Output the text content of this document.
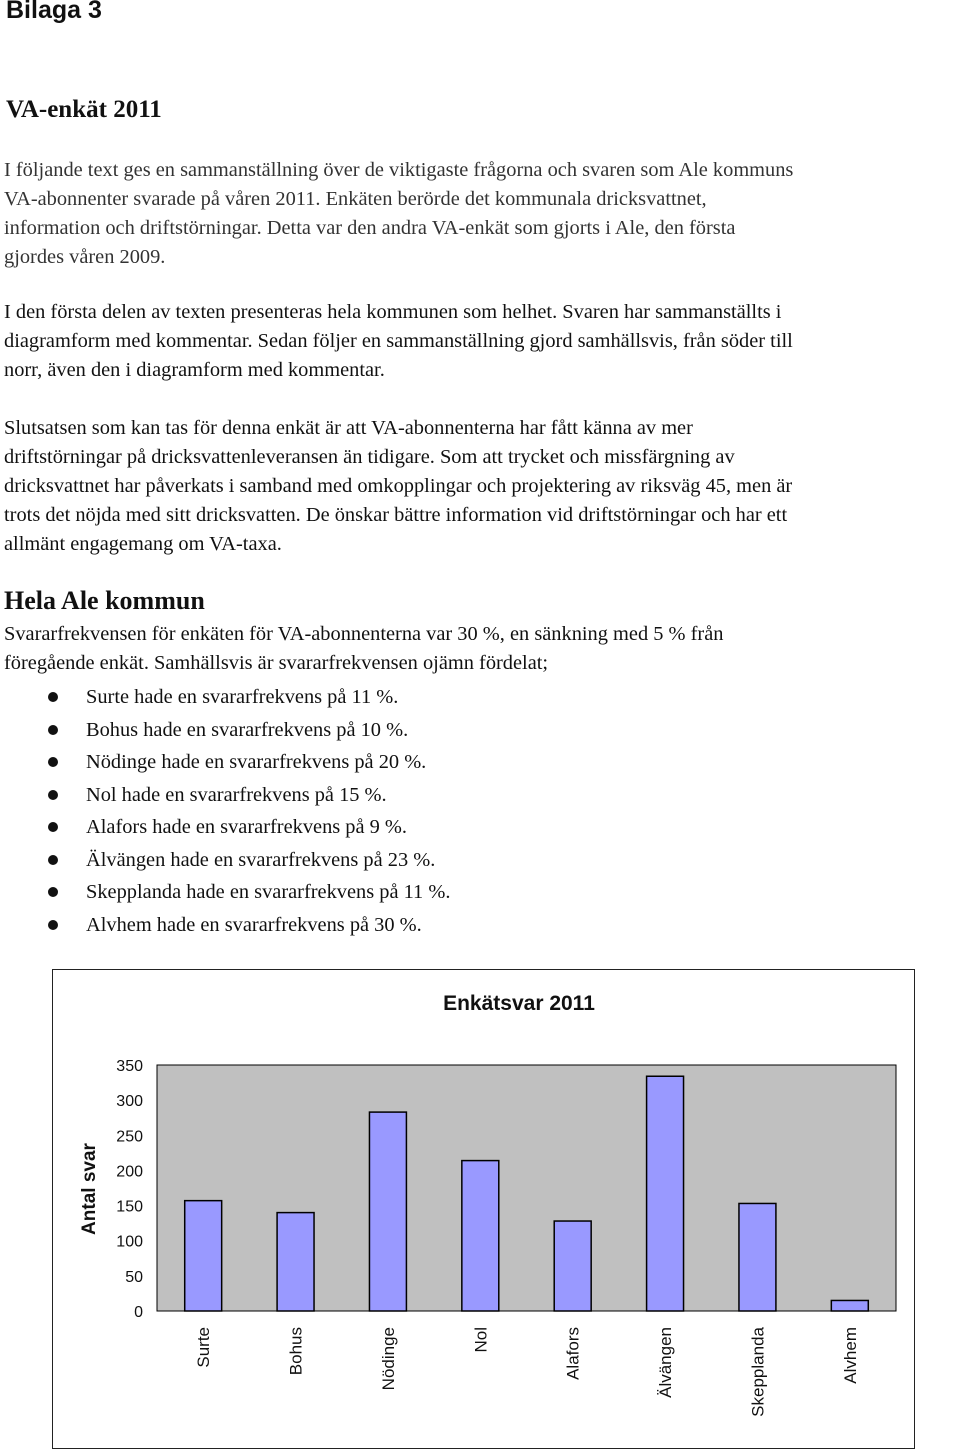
Bilaga 3
VA-enkät 2011
I följande text ges en sammanställning över de viktigaste frågorna och svaren som Ale kommuns
VA-abonnenter svarade på våren 2011. Enkäten berörde det kommunala dricksvattnet,
information och driftstörningar. Detta var den andra VA-enkät som gjorts i Ale, den första
gjordes våren 2009.
I den första delen av texten presenteras hela kommunen som helhet. Svaren har sammanställts i
diagramform med kommentar. Sedan följer en sammanställning gjord samhällsvis, från söder till
norr, även den i diagramform med kommentar.
Slutsatsen som kan tas för denna enkät är att VA-abonnenterna har fått känna av mer
driftstörningar på dricksvattenleveransen än tidigare. Som att trycket och missfärgning av
dricksvattnet har påverkats i samband med omkopplingar och projektering av riksväg 45, men är
trots det nöjda med sitt dricksvatten. De önskar bättre information vid driftstörningar och har ett
allmänt engagemang om VA-taxa.
Hela Ale kommun
Svararfrekvensen för enkäten för VA-abonnenterna var 30 %, en sänkning med 5 % från
föregående enkät. Samhällsvis är svararfrekvensen ojämn fördelat;
Surte hade en svararfrekvens på 11 %.
Bohus hade en svararfrekvens på 10 %.
Nödinge hade en svararfrekvens på 20 %.
Nol hade en svararfrekvens på 15 %.
Alafors hade en svararfrekvens på 9 %.
Älvängen hade en svararfrekvens på 23 %.
Skepplanda hade en svararfrekvens på 11 %.
Alvhem hade en svararfrekvens på 30 %.
Enkätsvar 2011
Antal svar
0
50
100
150
200
250
300
350
Surte	Bohus	Nödinge	Nol	Alafors	Älvängen	Skepplanda	Alvhem
